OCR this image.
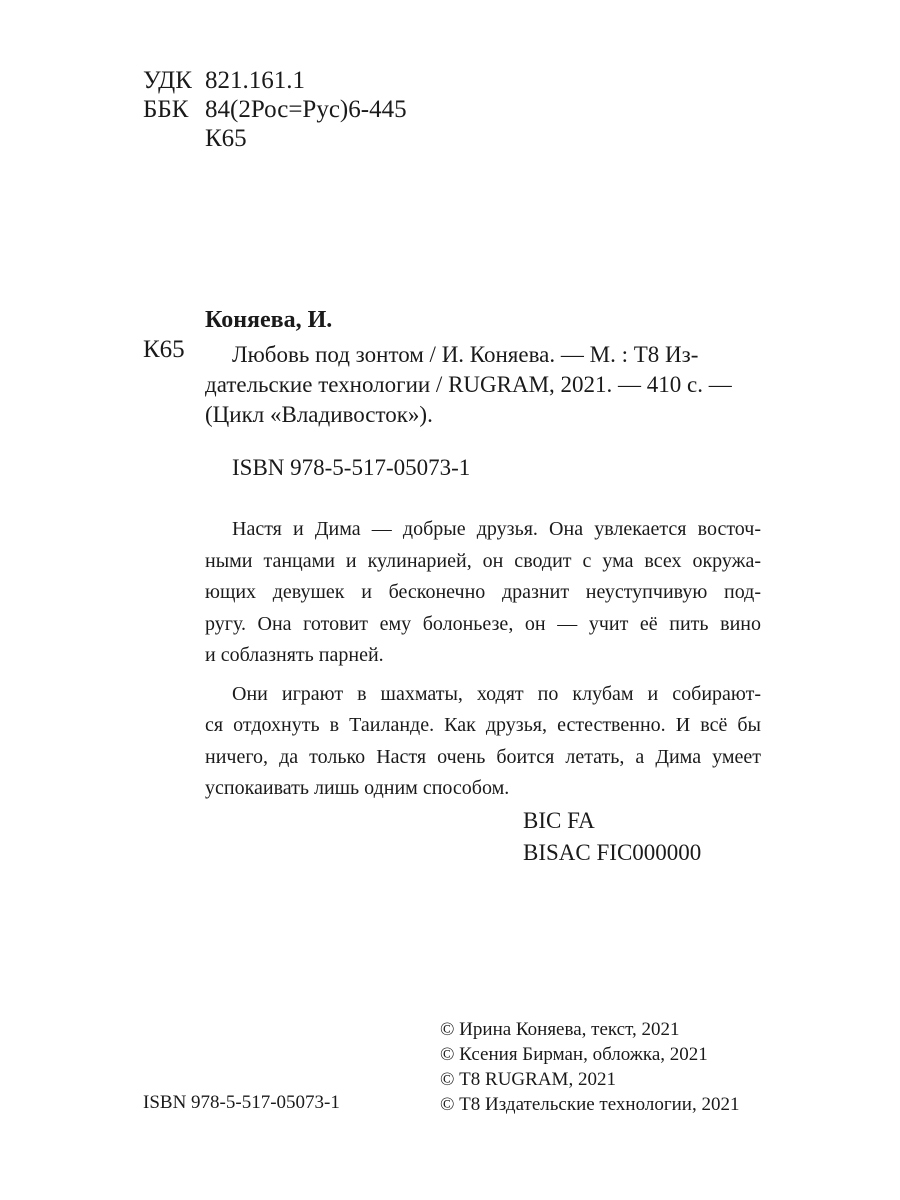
УДК 821.161.1
ББК 84(2Рос=Рус)6-445
К65
Коняева, И.
К65	Любовь под зонтом / И. Коняева. — М. : Т8 Из-
дательские технологии / RUGRAM, 2021. — 410 с. —
(Цикл «Владивосток»).
ISBN 978-5-517-05073-1
Настя и Дима — добрые друзья. Она увлекается восточ-
ными танцами и кулинарией, он сводит с ума всех окружа-
ющих девушек и бесконечно дразнит неуступчивую под-
ругу. Она готовит ему болоньезе, он — учит её пить вино
и соблазнять парней.
Они играют в шахматы, ходят по клубам и собирают-
ся отдохнуть в Таиланде. Как друзья, естественно. И всё бы
ничего, да только Настя очень боится летать, а Дима умеет
успокаивать лишь одним способом.
BIC FA
BISAC FIC000000
© Ирина Коняева, текст, 2021
© Ксения Бирман, обложка, 2021
© Т8 RUGRAM, 2021
© Т8 Издательские технологии, 2021
ISBN 978-5-517-05073-1
